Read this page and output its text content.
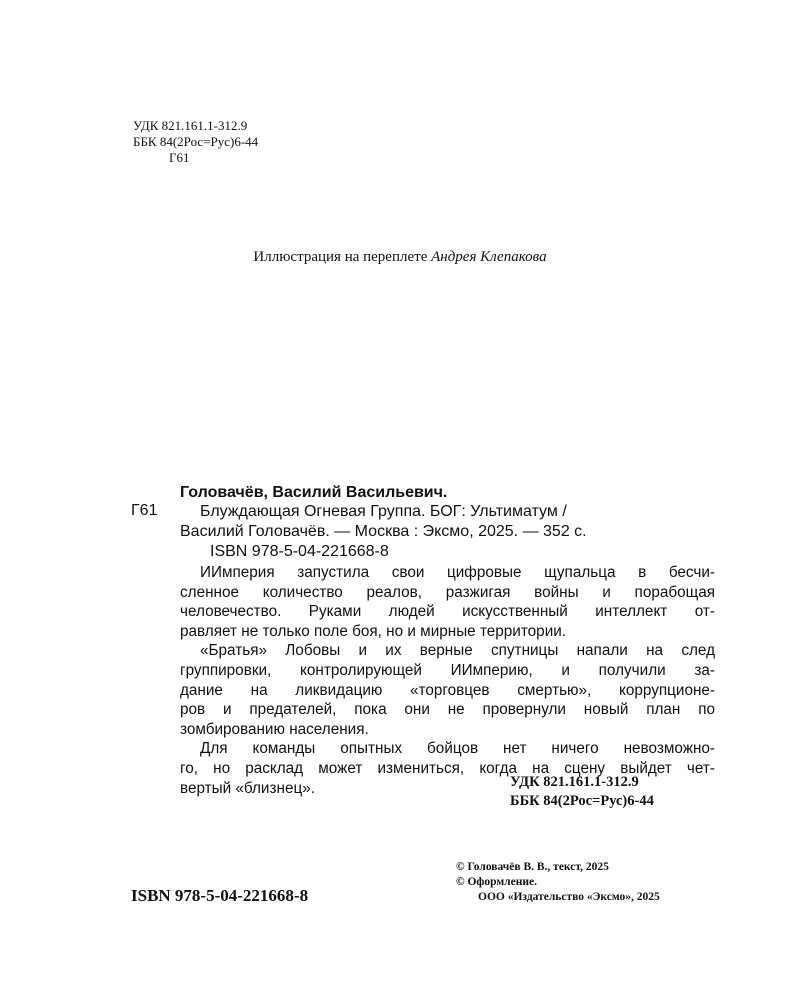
УДК 821.161.1-312.9
ББК 84(2Рос=Рус)6-44
Г61
Иллюстрация на переплете Андрея Клепакова
Головачёв, Василий Васильевич.
Г61	Блуждающая Огневая Группа. БОГ: Ультиматум /
Василий Головачёв. — Москва : Эксмо, 2025. — 352 с.
ISBN 978-5-04-221668-8
ИИмперия запустила свои цифровые щупальца в бесчи-
сленное количество реалов, разжигая войны и порабощая
человечество. Руками людей искусственный интеллект от-
равляет не только поле боя, но и мирные территории.
«Братья» Лобовы и их верные спутницы напали на след
группировки, контролирующей ИИмперию, и получили за-
дание на ликвидацию «торговцев смертью», коррупционе-
ров и предателей, пока они не провернули новый план по
зомбированию населения.
Для команды опытных бойцов нет ничего невозможно-
го, но расклад может измениться, когда на сцену выйдет чет-
вертый «близнец».	УДК 821.161.1-312.9
ББК 84(2Рос=Рус)6-44
© Головачёв В. В., текст, 2025
© Оформление.
ООО «Издательство «Эксмо», 2025
ISBN 978-5-04-221668-8
